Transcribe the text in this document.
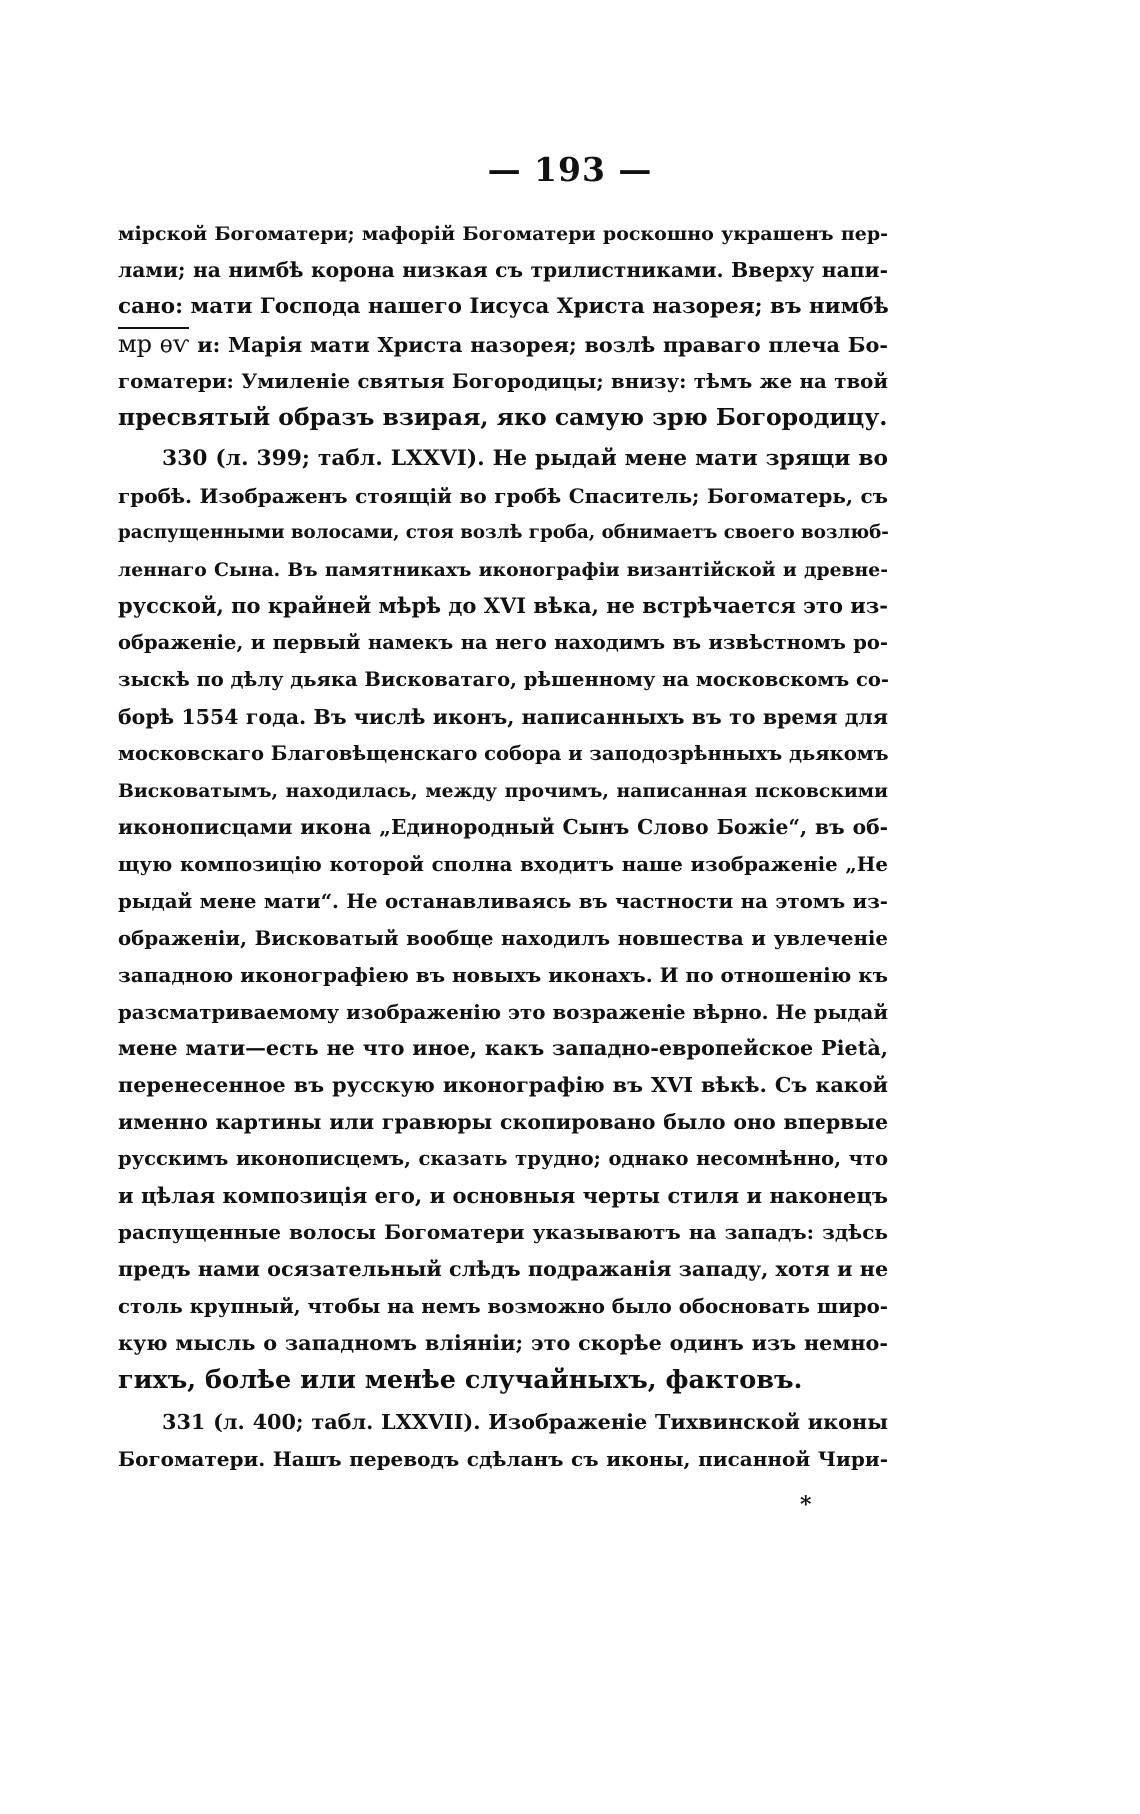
— 193 —
мірской Богоматери; мафорій Богоматери роскошно украшенъ пер-
лами; на нимбѣ корона низкая съ трилистниками. Вверху напи-
сано: мати Господа нашего Іисуса Христа назорея; въ нимбѣ
мр ѳѵ и: Марія мати Христа назорея; возлѣ праваго плеча Бо-
гоматери: Умиленіе святыя Богородицы; внизу: тѣмъ же на твой
пресвятый образъ взирая, яко самую зрю Богородицу.
330 (л. 399; табл. LXXVI). Не рыдай мене мати зрящи во
гробѣ. Изображенъ стоящій во гробѣ Спаситель; Богоматерь, съ
распущенными волосами, стоя возлѣ гроба, обнимаетъ своего возлюб-
леннаго Сына. Въ памятникахъ иконографіи византійской и древне-
русской, по крайней мѣрѣ до XVI вѣка, не встрѣчается это из-
ображеніе, и первый намекъ на него находимъ въ извѣстномъ ро-
зыскѣ по дѣлу дьяка Висковатаго, рѣшенному на московскомъ со-
борѣ 1554 года. Въ числѣ иконъ, написанныхъ въ то время для
московскаго Благовѣщенскаго собора и заподозрѣнныхъ дьякомъ
Висковатымъ, находилась, между прочимъ, написанная псковскими
иконописцами икона „Единородный Сынъ Слово Божіе“, въ об-
щую композицію которой сполна входитъ наше изображеніе „Не
рыдай мене мати“. Не останавливаясь въ частности на этомъ из-
ображеніи, Висковатый вообще находилъ новшества и увлеченіе
западною иконографіею въ новыхъ иконахъ. И по отношенію къ
разсматриваемому изображенію это возраженіе вѣрно. Не рыдай
мене мати—есть не что иное, какъ западно-европейское Pietà,
перенесенное въ русскую иконографію въ XVI вѣкѣ. Съ какой
именно картины или гравюры скопировано было оно впервые
русскимъ иконописцемъ, сказать трудно; однако несомнѣнно, что
и цѣлая композиція его, и основныя черты стиля и наконецъ
распущенные волосы Богоматери указываютъ на западъ: здѣсь
предъ нами осязательный слѣдъ подражанія западу, хотя и не
столь крупный, чтобы на немъ возможно было обосновать широ-
кую мысль о западномъ вліяніи; это скорѣе одинъ изъ немно-
гихъ, болѣе или менѣе случайныхъ, фактовъ.
331 (л. 400; табл. LXXVII). Изображеніе Тихвинской иконы
Богоматери. Нашъ переводъ сдѣланъ съ иконы, писанной Чири-
*
